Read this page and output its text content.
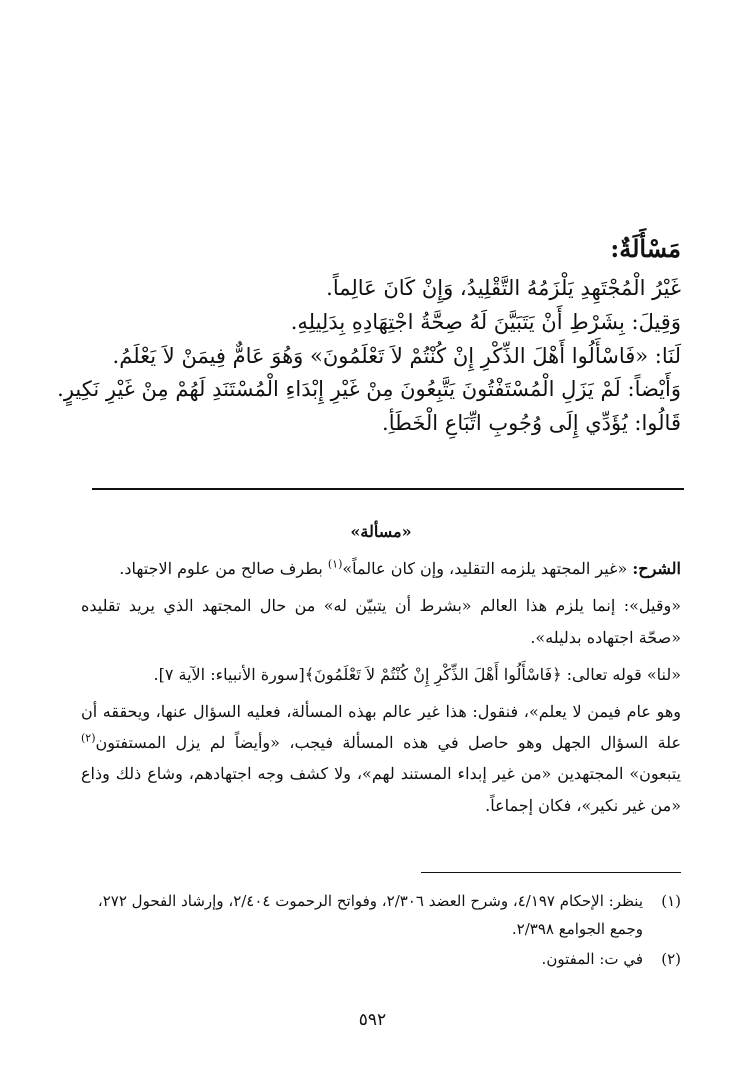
مَسْأَلَةٌ:

غَيْرُ الْمُجْتَهِدِ يَلْزَمُهُ التَّقْلِيدُ، وَإِنْ كَانَ عَالِماً.

وَقِيلَ: بِشَرْطِ أَنْ يَتَبَيَّنَ لَهُ صِحَّةُ اجْتِهَادِهِ بِدَلِيلِهِ.

لَنَا: «فَاسْأَلُوا أَهْلَ الذِّكْرِ إِنْ كُنْتُمْ لاَ تَعْلَمُونَ» وَهُوَ عَامٌّ فِيمَنْ لاَ يَعْلَمُ.

وَأَيْضاً: لَمْ يَزَلِ الْمُسْتَفْتُونَ يَتَّبِعُونَ مِنْ غَيْرِ إِبْدَاءِ الْمُسْتَنَدِ لَهُمْ مِنْ غَيْرِ نَكِيرٍ.

قَالُوا: يُؤَدِّي إِلَى وُجُوبِ اتِّبَاعِ الْخَطَأِ.

«مسألة»

الشرح: «غير المجتهد يلزمه التقليد، وإن كان عالماً»$^{(١)}$ بطرف صالح من علوم الاجتهاد.

«وقيل»: إنما يلزم هذا العالم «بشرط أن يتبيّن له» من حال المجتهد الذي يريد تقليده «صحّة اجتهاده بدليله».

«لنا» قوله تعالى: ﴿فَاسْأَلُوا أَهْلَ الذِّكْرِ إِنْ كُنْتُمْ لاَ تَعْلَمُونَ﴾[سورة الأنبياء: الآية ٧].

وهو عام فيمن لا يعلم»، فنقول: هذا غير عالم بهذه المسألة، فعليه السؤال عنها، ويحققه أن علة السؤال الجهل وهو حاصل في هذه المسألة فيجب، «وأيضاً لم يزل المستفتون$^{(٢)}$ يتبعون» المجتهدين «من غير إبداء المستند لهم»، ولا كشف وجه اجتهادهم، وشاع ذلك وذاع «من غير نكير»، فكان إجماعاً.

(١)
ينظر: الإحكام ٤/١٩٧، وشرح العضد ٢/٣٠٦، وفواتح الرحموت ٢/٤٠٤، وإرشاد الفحول ٢٧٢، وجمع الجوامع ٢/٣٩٨.
(٢)
في ت: المفتون.
٥٩٢
